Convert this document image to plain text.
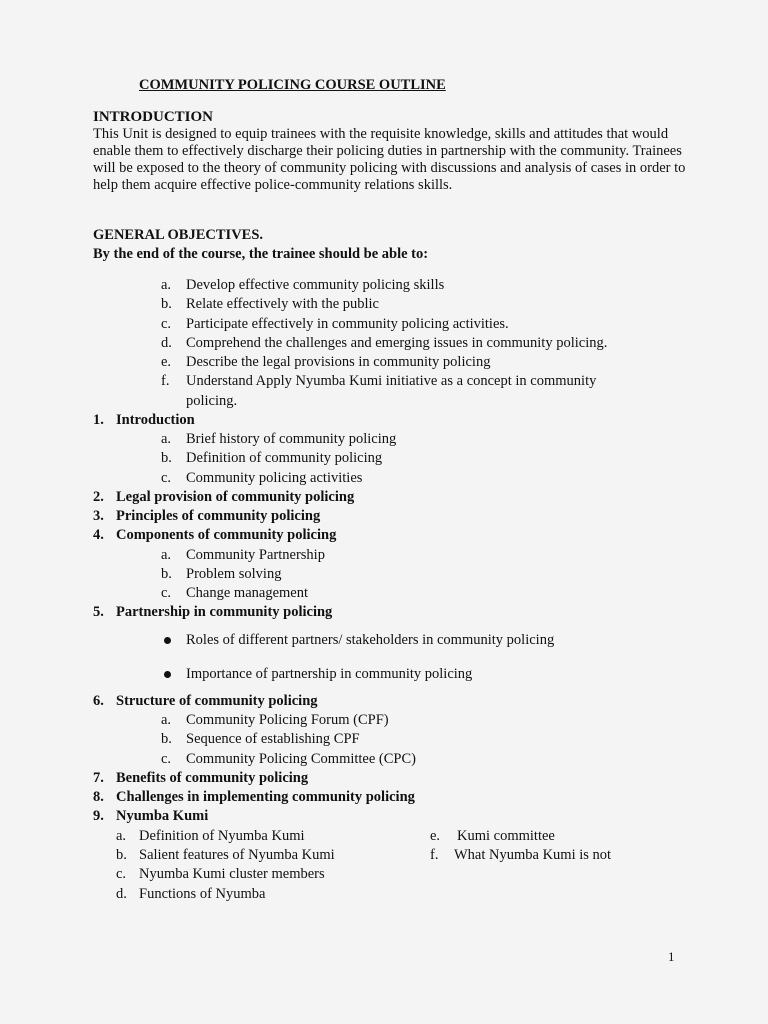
COMMUNITY POLICING COURSE OUTLINE
INTRODUCTION
This Unit is designed to equip trainees with the requisite knowledge, skills and attitudes that would enable them to effectively discharge their policing duties in partnership with the community. Trainees will be exposed to the theory of community policing with discussions and analysis of cases in order to help them acquire effective police-community relations skills.
GENERAL OBJECTIVES.
By the end of the course, the trainee should be able to:
a.	Develop effective community policing skills
b. Relate effectively with the public
c.	Participate effectively in community policing activities.
d. Comprehend the challenges and emerging issues in community policing.
e.	Describe the legal provisions in community policing
f.	Understand Apply Nyumba Kumi initiative as a concept in community
policing.
1. Introduction
a.	Brief history of community policing
b. Definition of community policing
c.	Community policing activities
2. Legal provision of community policing
3. Principles of community policing
4. Components of community policing
a.	Community Partnership
b. Problem solving
c.	Change management
5. Partnership in community policing
Roles of different partners/ stakeholders in community policing
Importance of partnership in community policing
6. Structure of community policing
a.	Community Policing Forum (CPF)
b. Sequence of establishing CPF
c.	Community Policing Committee (CPC)
7. Benefits of community policing
8. Challenges in implementing community policing
9. Nyumba Kumi
a. Definition of Nyumba Kumi
b. Salient features of Nyumba Kumi
c. Nyumba Kumi cluster members
d. Functions of Nyumba
e.	Kumi committee
f.	What Nyumba Kumi is not
1
